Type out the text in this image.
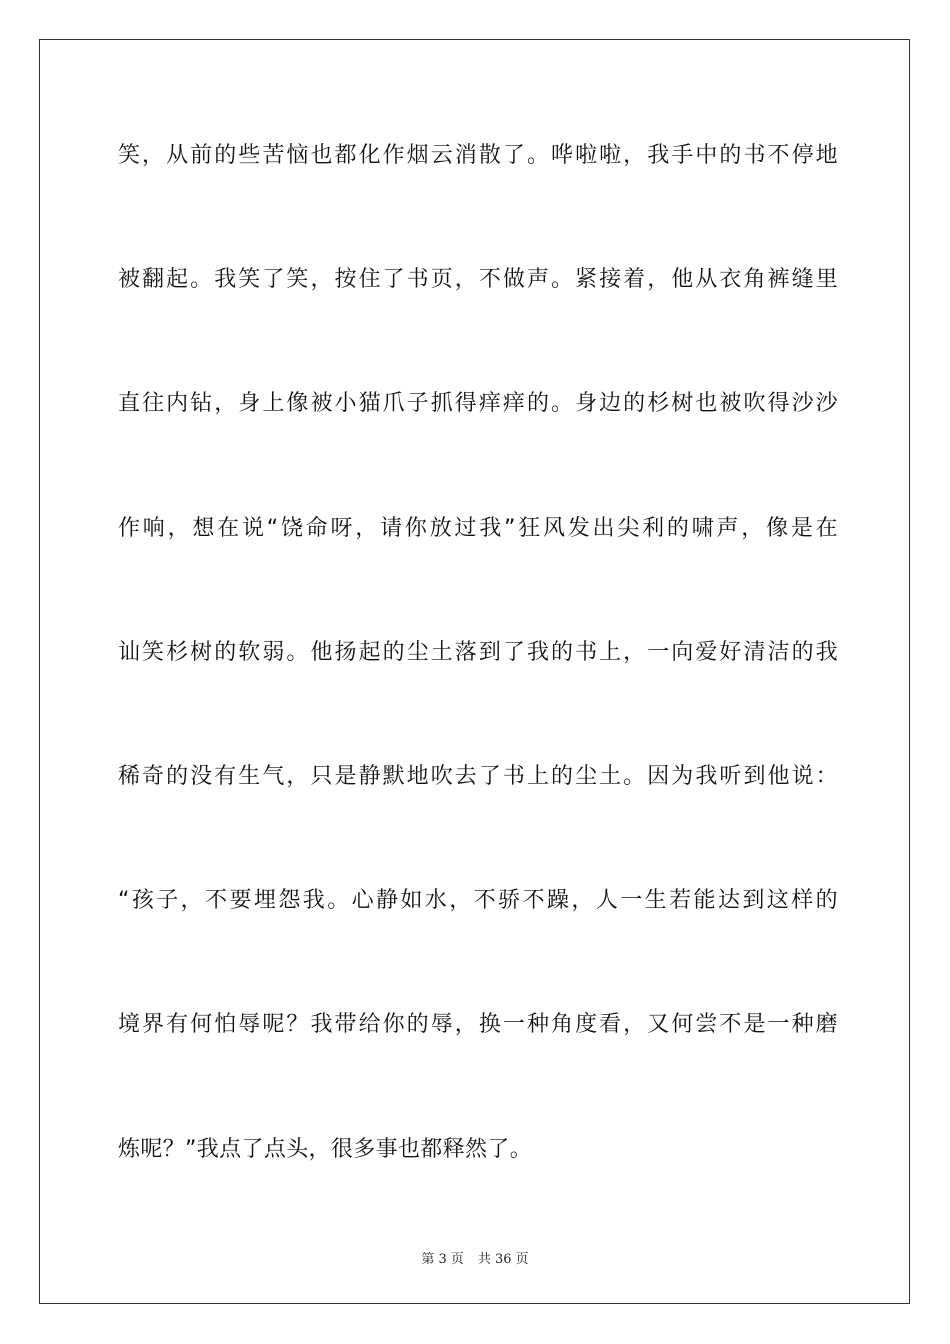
笑，从前的些苦恼也都化作烟云消散了。哗啦啦，我手中的书不停地
被翻起。我笑了笑，按住了书页，不做声。紧接着，他从衣角裤缝里
直往内钻，身上像被小猫爪子抓得痒痒的。身边的杉树也被吹得沙沙
作响，想在说“饶命呀，请你放过我”狂风发出尖利的啸声，像是在
讪笑杉树的软弱。他扬起的尘土落到了我的书上，一向爱好清洁的我
稀奇的没有生气，只是静默地吹去了书上的尘土。因为我听到他说：
“孩子，不要埋怨我。心静如水，不骄不躁，人一生若能达到这样的
境界有何怕辱呢？我带给你的辱，换一种角度看，又何尝不是一种磨
炼呢？”我点了点头，很多事也都释然了。
第 3 页 共 36 页
